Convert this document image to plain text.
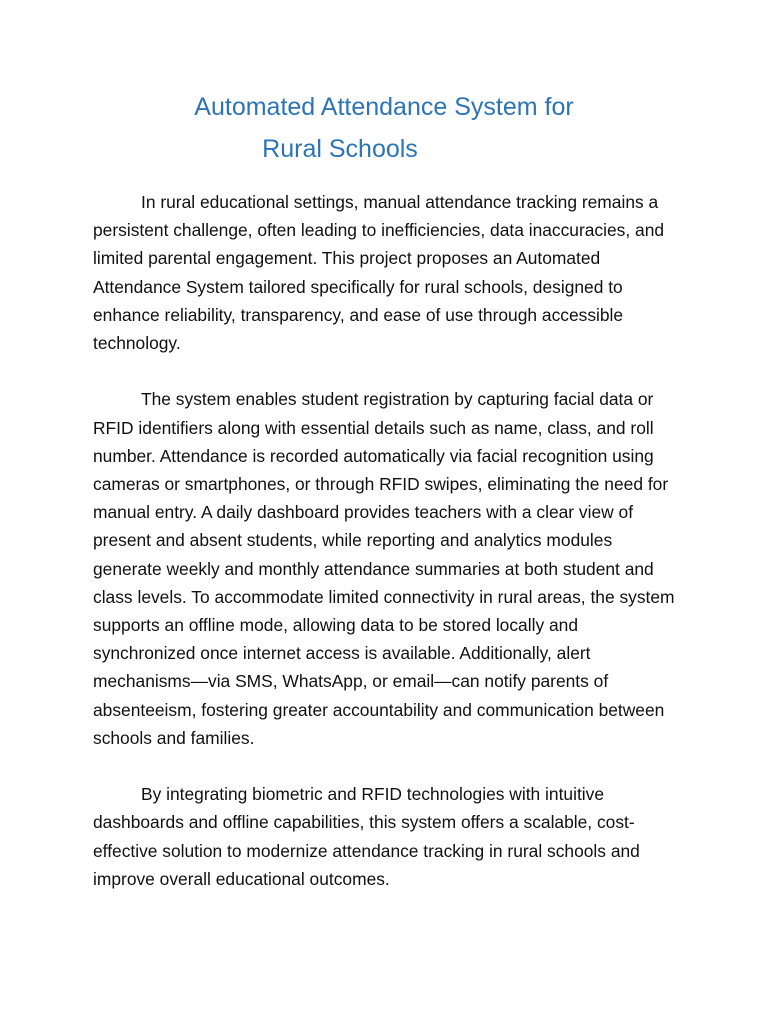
Automated Attendance System for
Rural Schools

In rural educational settings, manual attendance tracking remains a persistent challenge, often leading to inefficiencies, data inaccuracies, and limited parental engagement. This project proposes an Automated Attendance System tailored specifically for rural schools, designed to enhance reliability, transparency, and ease of use through accessible technology.

The system enables student registration by capturing facial data or RFID identifiers along with essential details such as name, class, and roll number. Attendance is recorded automatically via facial recognition using cameras or smartphones, or through RFID swipes, eliminating the need for manual entry. A daily dashboard provides teachers with a clear view of present and absent students, while reporting and analytics modules generate weekly and monthly attendance summaries at both student and class levels. To accommodate limited connectivity in rural areas, the system supports an offline mode, allowing data to be stored locally and synchronized once internet access is available. Additionally, alert mechanisms—via SMS, WhatsApp, or email—can notify parents of absenteeism, fostering greater accountability and communication between schools and families.

By integrating biometric and RFID technologies with intuitive dashboards and offline capabilities, this system offers a scalable, cost-effective solution to modernize attendance tracking in rural schools and improve overall educational outcomes.
